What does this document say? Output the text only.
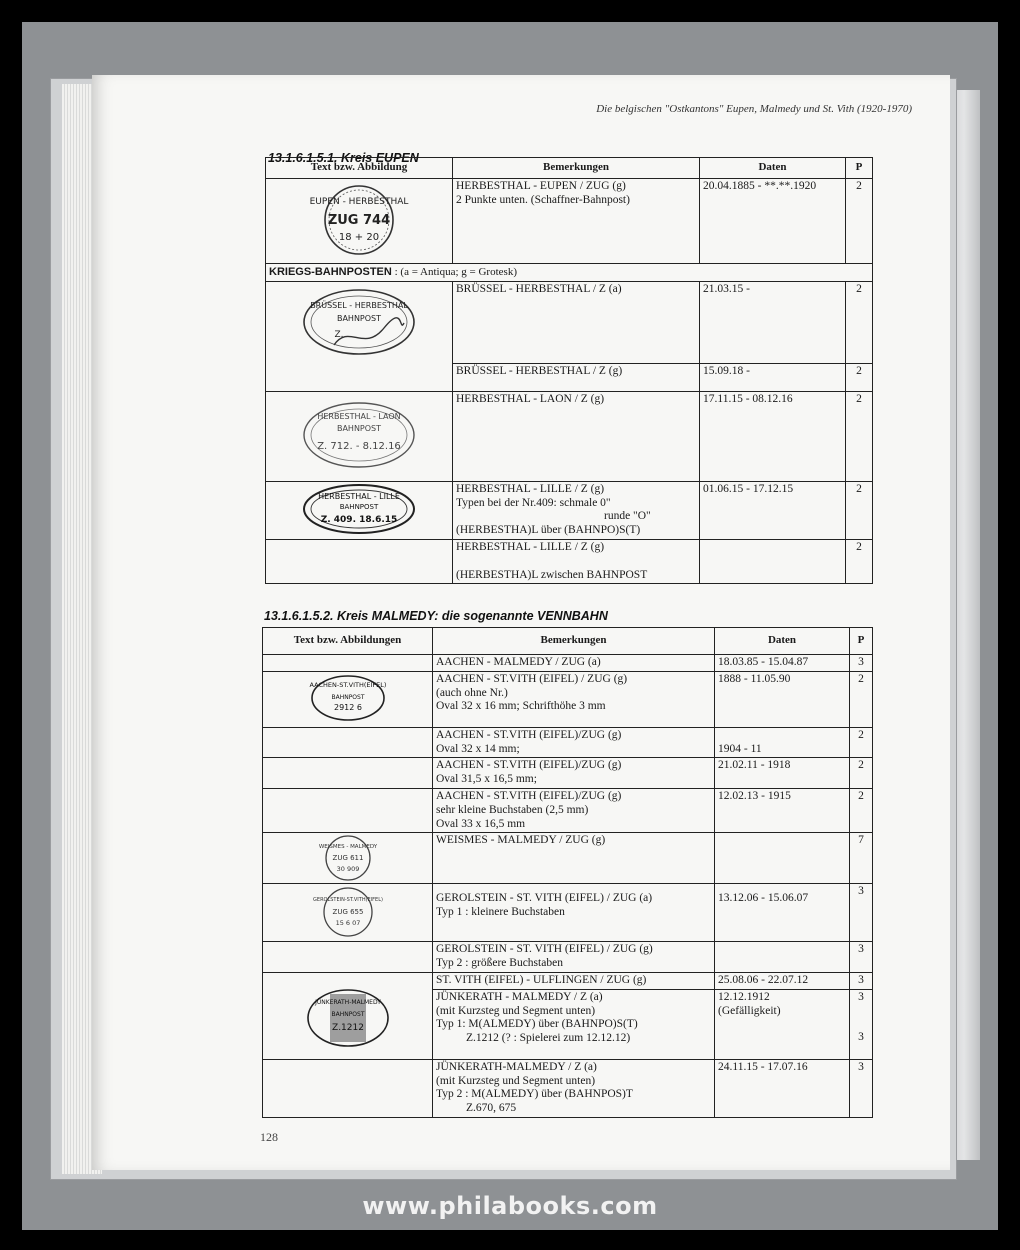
Die belgischen "Ostkantons" Eupen, Malmedy und St. Vith (1920-1970)
13.1.6.1.5.1. Kreis EUPEN
Text bzw. Abbildung	Bemerkungen	Daten	P

EUPEN - HERBESTHAL
ZUG 744
18 + 20	HERBESTHAL - EUPEN / ZUG (g)
2 Punkte unten. (Schaffner-Bahnpost)	20.04.1885 - **.**.1920	2
KRIEGS-BAHNPOSTEN : (a = Antiqua; g = Grotesk)			

BRÜSSEL - HERBESTHAL
BAHNPOST
Z.	BRÜSSEL - HERBESTHAL / Z (a)	21.03.15 -	2
	BRÜSSEL - HERBESTHAL / Z (g)	15.09.18 -	2

HERBESTHAL - LAON
BAHNPOST
Z. 712. - 8.12.16	HERBESTHAL - LAON / Z (g)	17.11.15 - 08.12.16	2

HERBESTHAL - LILLE
BAHNPOST
Z. 409. 18.6.15	HERBESTHAL - LILLE / Z (g)
Typen bei der Nr.409: schmale 0"
runde "O"
(HERBESTHA)L über (BAHNPO)S(T)	01.06.15 - 17.12.15	2

	HERBESTHAL - LILLE / Z (g)

(HERBESTHA)L zwischen BAHNPOST		2
13.1.6.1.5.2. Kreis MALMEDY: die sogenannte VENNBAHN
Text bzw. Abbildungen	Bemerkungen	Daten	P
	AACHEN - MALMEDY / ZUG (a)	18.03.85 - 15.04.87	3

AACHEN-ST.VITH(EIFEL)
BAHNPOST
2912 6	AACHEN - ST.VITH (EIFEL) / ZUG (g)
(auch ohne Nr.)
Oval 32 x 16 mm; Schrifthöhe 3 mm	1888 - 11.05.90	2

	AACHEN - ST.VITH (EIFEL)/ZUG (g)
Oval 32 x 14 mm;	1904 - 11	2

	AACHEN - ST.VITH (EIFEL)/ZUG (g)
Oval 31,5 x 16,5 mm;	21.02.11 - 1918	2

	AACHEN - ST.VITH (EIFEL)/ZUG (g)
sehr kleine Buchstaben (2,5 mm)
Oval 33 x 16,5 mm	12.02.13 - 1915	2

WEISMES - MALMEDY
ZUG 611
30 909	WEISMES - MALMEDY / ZUG (g)		7

GEROLSTEIN-ST.VITH(EIFEL)
ZUG 655
15 6 07	GEROLSTEIN - ST. VITH (EIFEL) / ZUG (a)
Typ 1 : kleinere Buchstaben	13.12.06 - 15.06.07	3

	GEROLSTEIN - ST. VITH (EIFEL) / ZUG (g)
Typ 2 : größere Buchstaben		3

JÜNKERATH-MALMEDY
BAHNPOST
Z.1212	ST. VITH (EIFEL) - ULFLINGEN / ZUG (g)	25.08.06 - 22.07.12	3

	JÜNKERATH - MALMEDY / Z (a)
(mit Kurzsteg und Segment unten)
Typ 1: M(ALMEDY) über (BAHNPO)S(T)
Z.1212 (? : Spielerei zum 12.12.12)	12.12.1912
(Gefälligkeit)	3
3

	JÜNKERATH-MALMEDY / Z (a)
(mit Kurzsteg und Segment unten)
Typ 2 : M(ALMEDY) über (BAHNPOS)T
Z.670, 675	24.11.15 - 17.07.16	3
128
www.philabooks.com
